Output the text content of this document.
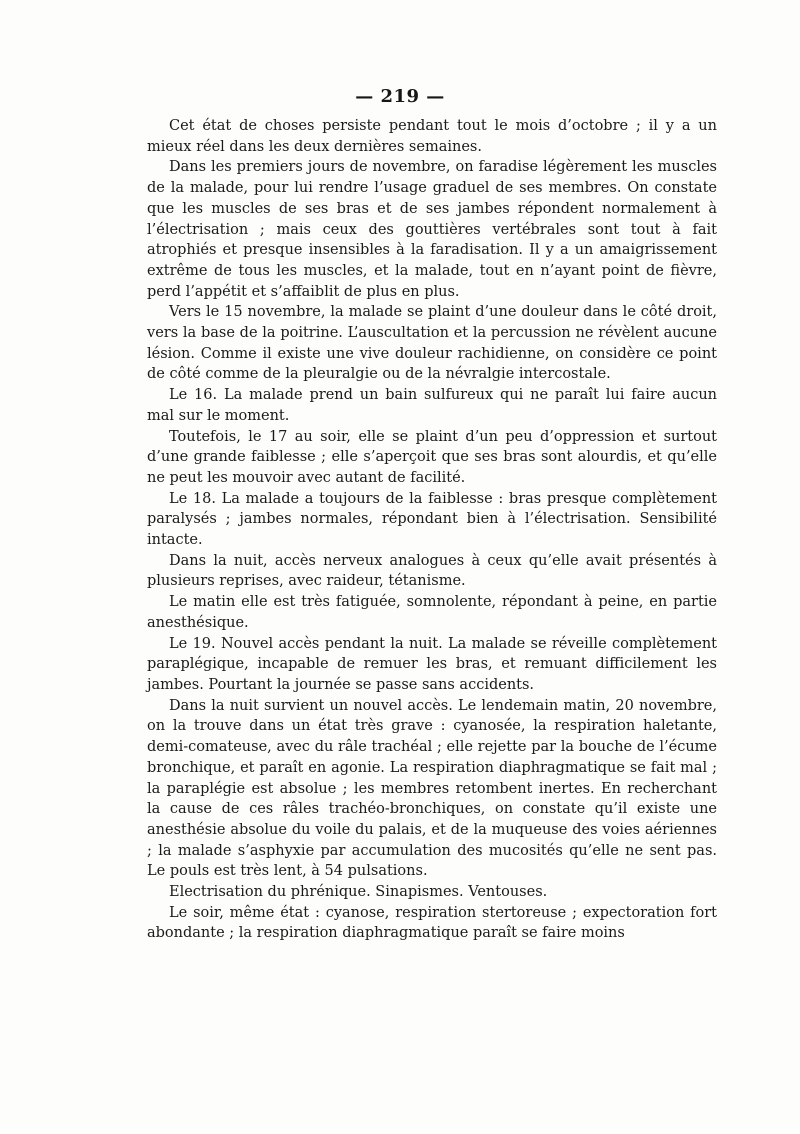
— 219 —

Cet état de choses persiste pendant tout le mois d’octobre ; il y a un mieux réel dans les deux dernières semaines.

Dans les premiers jours de novembre, on faradise légèrement les muscles de la malade, pour lui rendre l’usage graduel de ses membres. On constate que les muscles de ses bras et de ses jambes répondent normalement à l’électrisation ; mais ceux des gouttières vertébrales sont tout à fait atrophiés et presque insensibles à la faradisation. Il y a un amaigrissement extrême de tous les muscles, et la malade, tout en n’ayant point de fièvre, perd l’appétit et s’affaiblit de plus en plus.

Vers le 15 novembre, la malade se plaint d’une douleur dans le côté droit, vers la base de la poitrine. L’auscultation et la percussion ne révèlent aucune lésion. Comme il existe une vive douleur rachidienne, on considère ce point de côté comme de la pleuralgie ou de la névralgie intercostale.

Le 16. La malade prend un bain sulfureux qui ne paraît lui faire aucun mal sur le moment.

Toutefois, le 17 au soir, elle se plaint d’un peu d’oppression et surtout d’une grande faiblesse ; elle s’aperçoit que ses bras sont alourdis, et qu’elle ne peut les mouvoir avec autant de facilité.

Le 18. La malade a toujours de la faiblesse : bras presque complètement paralysés ; jambes normales, répondant bien à l’électrisation. Sensibilité intacte.

Dans la nuit, accès nerveux analogues à ceux qu’elle avait présentés à plusieurs reprises, avec raideur, tétanisme.

Le matin elle est très fatiguée, somnolente, répondant à peine, en partie anesthésique.

Le 19. Nouvel accès pendant la nuit. La malade se réveille complètement paraplégique, incapable de remuer les bras, et remuant difficilement les jambes. Pourtant la journée se passe sans accidents.

Dans la nuit survient un nouvel accès. Le lendemain matin, 20 novembre, on la trouve dans un état très grave : cyanosée, la respiration haletante, demi-comateuse, avec du râle trachéal ; elle rejette par la bouche de l’écume bronchique, et paraît en agonie. La respiration diaphragmatique se fait mal ; la paraplégie est absolue ; les membres retombent inertes. En recherchant la cause de ces râles trachéo-bronchiques, on constate qu’il existe une anesthésie absolue du voile du palais, et de la muqueuse des voies aériennes ; la malade s’asphyxie par accumulation des mucosités qu’elle ne sent pas. Le pouls est très lent, à 54 pulsations.

Electrisation du phrénique. Sinapismes. Ventouses.

Le soir, même état : cyanose, respiration stertoreuse ; expectoration fort abondante ; la respiration diaphragmatique paraît se faire moins
